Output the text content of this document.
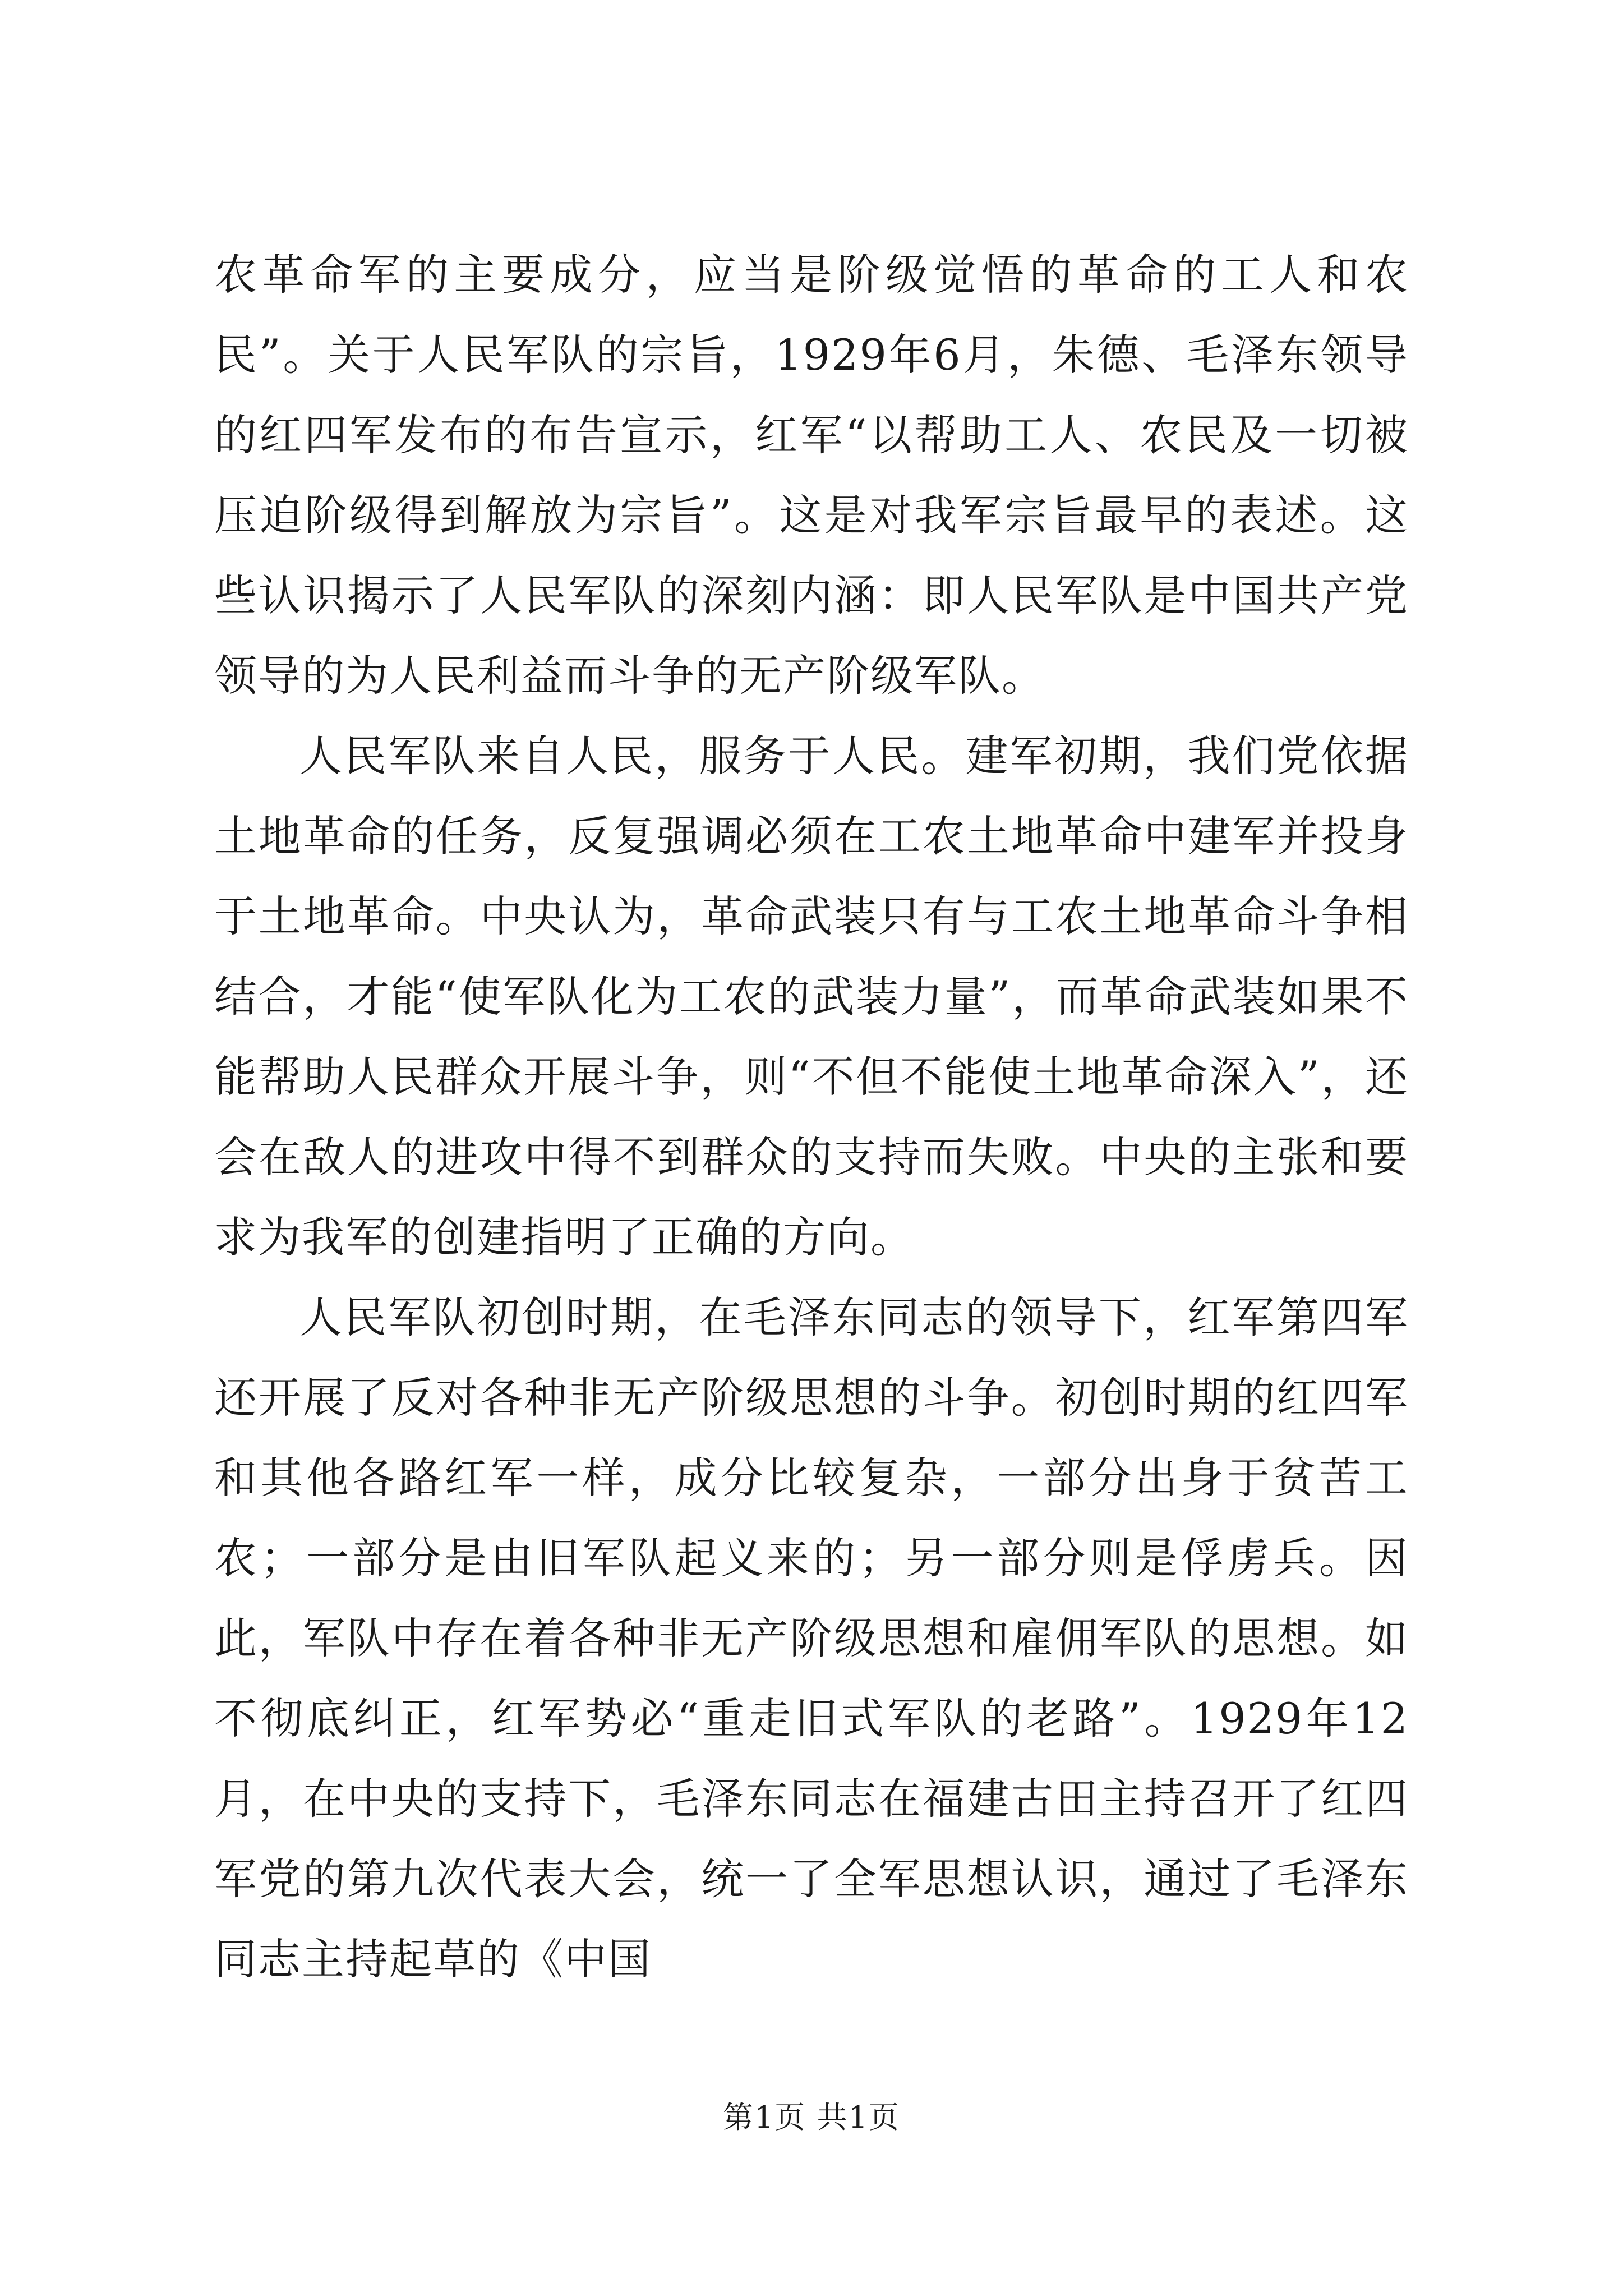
农革命军的主要成分，应当是阶级觉悟的革命的工人和农民”。关于人民军队的宗旨，1929年6月，朱德、毛泽东领导的红四军发布的布告宣示，红军“以帮助工人、农民及一切被压迫阶级得到解放为宗旨”。这是对我军宗旨最早的表述。这些认识揭示了人民军队的深刻内涵：即人民军队是中国共产党领导的为人民利益而斗争的无产阶级军队。

人民军队来自人民，服务于人民。建军初期，我们党依据土地革命的任务，反复强调必须在工农土地革命中建军并投身于土地革命。中央认为，革命武装只有与工农土地革命斗争相结合，才能“使军队化为工农的武装力量”，而革命武装如果不能帮助人民群众开展斗争，则“不但不能使土地革命深入”，还会在敌人的进攻中得不到群众的支持而失败。中央的主张和要求为我军的创建指明了正确的方向。

人民军队初创时期，在毛泽东同志的领导下，红军第四军还开展了反对各种非无产阶级思想的斗争。初创时期的红四军和其他各路红军一样，成分比较复杂，一部分出身于贫苦工农；一部分是由旧军队起义来的；另一部分则是俘虏兵。因此，军队中存在着各种非无产阶级思想和雇佣军队的思想。如不彻底纠正，红军势必“重走旧式军队的老路”。1929年12月，在中央的支持下，毛泽东同志在福建古田主持召开了红四军党的第九次代表大会，统一了全军思想认识，通过了毛泽东同志主持起草的《中国

第1页 共1页
